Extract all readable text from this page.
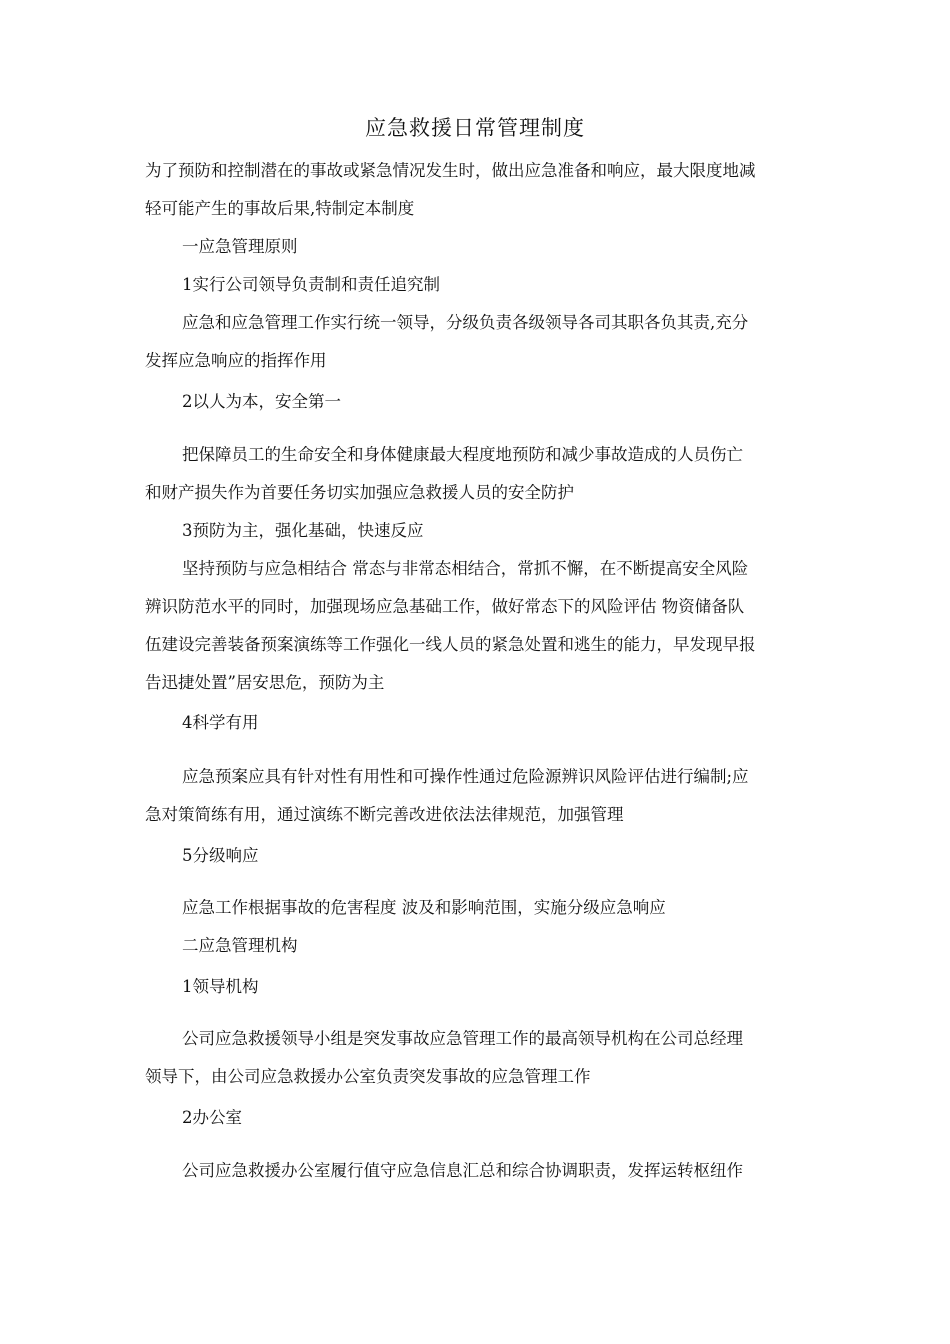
应急救援日常管理制度
为了预防和控制潜在的事故或紧急情况发生时，做出应急准备和响应，最大限度地减
轻可能产生的事故后果,特制定本制度
一应急管理原则
1实行公司领导负责制和责任追究制
应急和应急管理工作实行统一领导，分级负责各级领导各司其职各负其责,充分
发挥应急响应的指挥作用
2以人为本，安全第一
把保障员工的生命安全和身体健康最大程度地预防和减少事故造成的人员伤亡
和财产损失作为首要任务切实加强应急救援人员的安全防护
3预防为主，强化基础，快速反应
坚持预防与应急相结合 常态与非常态相结合，常抓不懈，在不断提高安全风险
辨识防范水平的同时，加强现场应急基础工作，做好常态下的风险评估 物资储备队
伍建设完善装备预案演练等工作强化一线人员的紧急处置和逃生的能力，早发现早报
告迅捷处置”居安思危，预防为主
4科学有用
应急预案应具有针对性有用性和可操作性通过危险源辨识风险评估进行编制;应
急对策简练有用，通过演练不断完善改进依法法律规范，加强管理
5分级响应
应急工作根据事故的危害程度 波及和影响范围，实施分级应急响应
二应急管理机构
1领导机构
公司应急救援领导小组是突发事故应急管理工作的最高领导机构在公司总经理
领导下，由公司应急救援办公室负责突发事故的应急管理工作
2办公室
公司应急救援办公室履行值守应急信息汇总和综合协调职责，发挥运转枢纽作
